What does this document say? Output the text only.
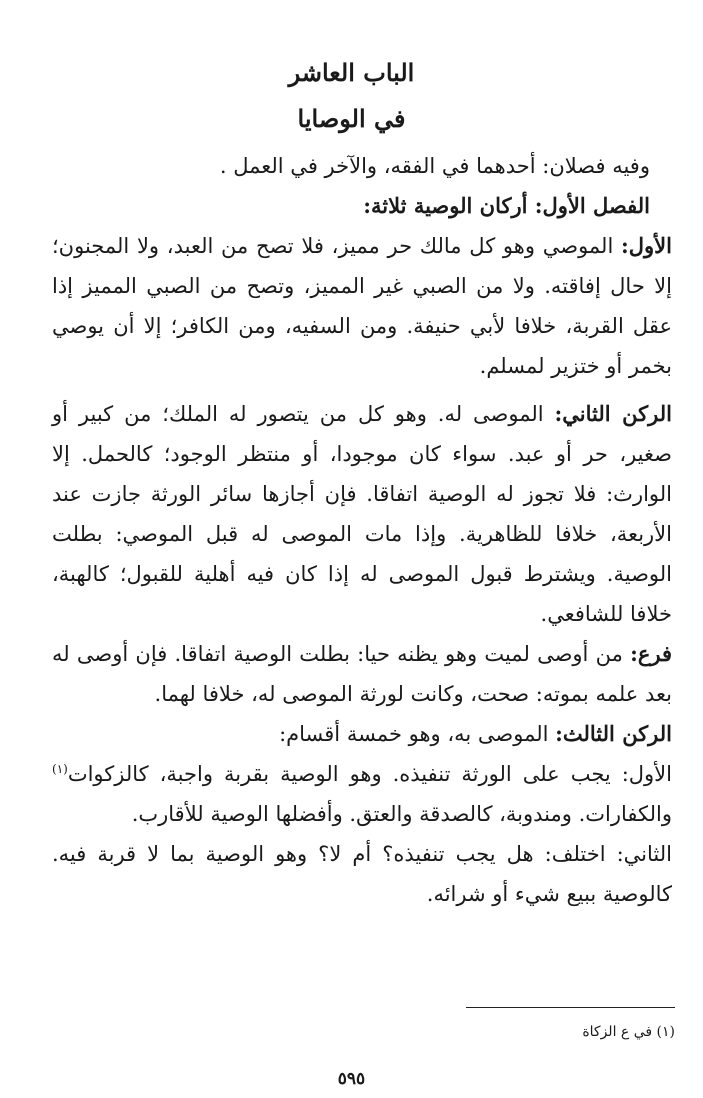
الباب العاشر
في الوصايا

وفيه فصلان: أحدهما في الفقه، والآخر في العمل .

الفصل الأول: أركان الوصية ثلاثة:

الأول: الموصي وهو كل مالك حر مميز، فلا تصح من العبد، ولا المجنون؛ إلا حال إفاقته. ولا من الصبي غير المميز، وتصح من الصبي المميز إذا عقل القربة، خلافا لأبي حنيفة. ومن السفيه، ومن الكافر؛ إلا أن يوصي بخمر أو ختزير لمسلم.

الركن الثاني: الموصى له. وهو كل من يتصور له الملك؛ من كبير أو صغير، حر أو عبد. سواء كان موجودا، أو منتظر الوجود؛ كالحمل. إلا الوارث: فلا تجوز له الوصية اتفاقا. فإن أجازها سائر الورثة جازت عند الأربعة، خلافا للظاهرية. وإذا مات الموصى له قبل الموصي: بطلت الوصية. ويشترط قبول الموصى له إذا كان فيه أهلية للقبول؛ كالهبة، خلافا للشافعي.

فرع: من أوصى لميت وهو يظنه حيا: بطلت الوصية اتفاقا. فإن أوصى له بعد علمه بموته: صحت، وكانت لورثة الموصى له، خلافا لهما.

الركن الثالث: الموصى به، وهو خمسة أقسام:

الأول: يجب على الورثة تنفيذه. وهو الوصية بقربة واجبة، كالزكوات$^{(١)}$ والكفارات. ومندوبة، كالصدقة والعتق. وأفضلها الوصية للأقارب.

الثاني: اختلف: هل يجب تنفيذه؟ أم لا؟ وهو الوصية بما لا قربة فيه. كالوصية ببيع شيء أو شرائه.

(١) في ع الزكاة
٥٩٥
